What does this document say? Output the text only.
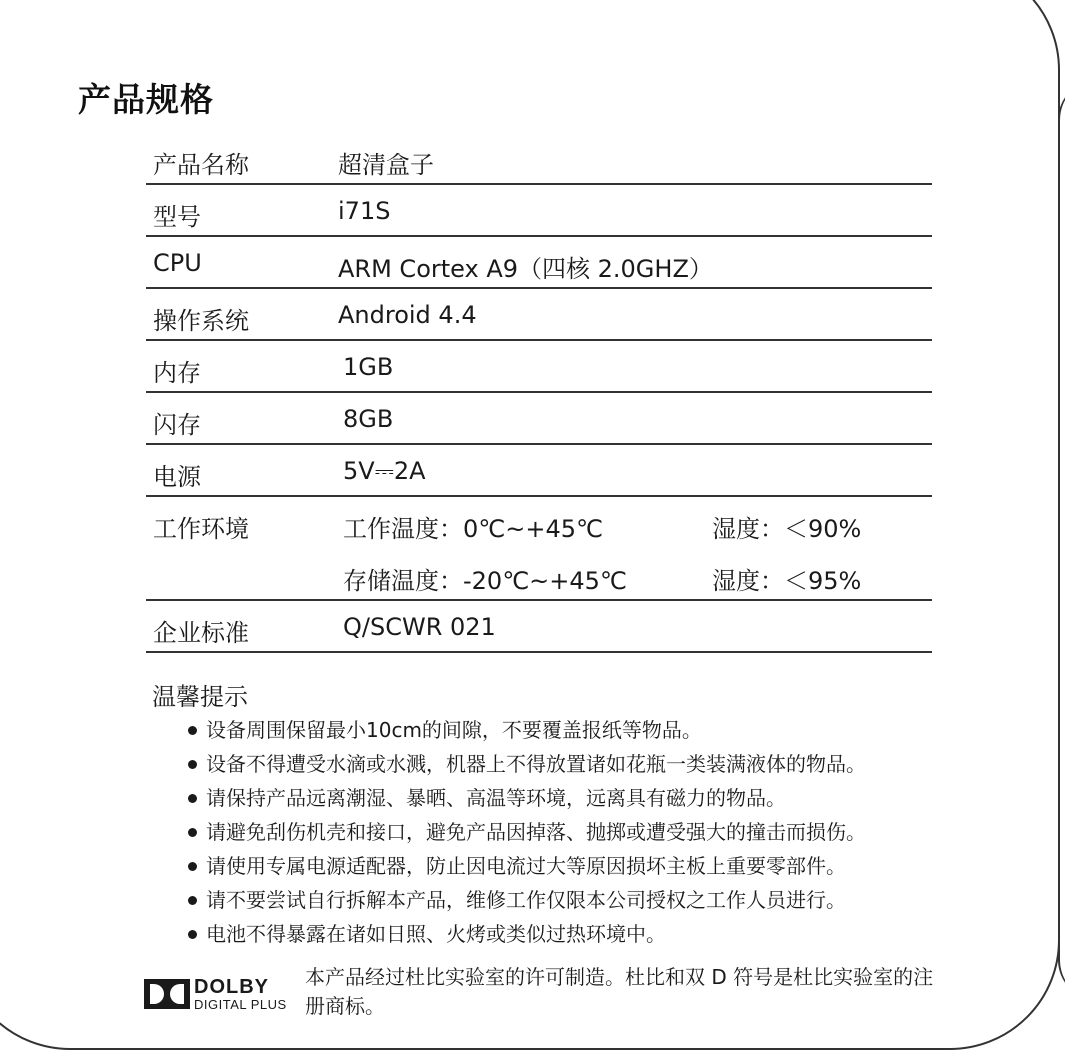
产品规格
产品名称	超清盒子
型号	i71S
CPU	ARM Cortex A9（四核 2.0GHZ）
操作系统	Android 4.4
内存	1GB
闪存	8GB
电源	5V⎓2A
工作环境	工作温度：0℃~+45℃	湿度：＜90%
存储温度：-20℃~+45℃	湿度：＜95%
企业标准	Q/SCWR 021
温馨提示
设备周围保留最小10cm的间隙，不要覆盖报纸等物品。
设备不得遭受水滴或水溅，机器上不得放置诸如花瓶一类装满液体的物品。
请保持产品远离潮湿、暴晒、高温等环境，远离具有磁力的物品。
请避免刮伤机壳和接口，避免产品因掉落、抛掷或遭受强大的撞击而损伤。
请使用专属电源适配器，防止因电流过大等原因损坏主板上重要零部件。
请不要尝试自行拆解本产品，维修工作仅限本公司授权之工作人员进行。
电池不得暴露在诸如日照、火烤或类似过热环境中。
DOLBY
DIGITAL PLUS
本产品经过杜比实验室的许可制造。杜比和双 D 符号是杜比实验室的注册商标。
